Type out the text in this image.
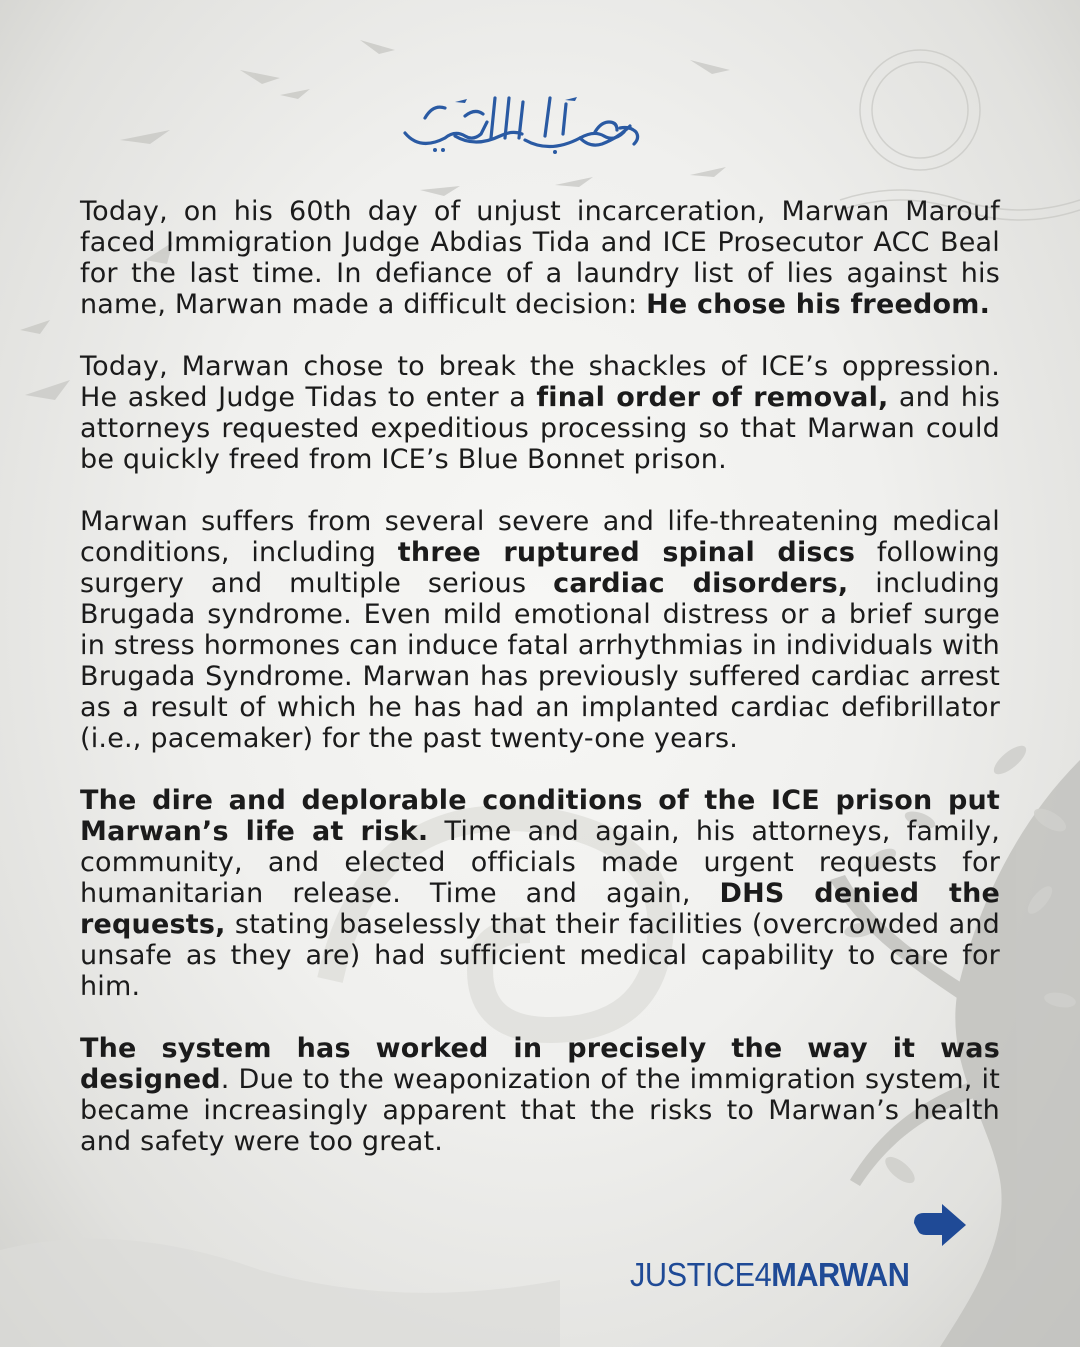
Today, on his 60th day of unjust incarceration, Marwan Marouf faced Immigration Judge Abdias Tida and ICE Prosecutor ACC Beal for the last time. In defiance of a laundry list of lies against his name, Marwan made a difficult decision: He chose his freedom.

Today, Marwan chose to break the shackles of ICE’s oppression. He asked Judge Tidas to enter a final order of removal, and his attorneys requested expeditious processing so that Marwan could be quickly freed from ICE’s Blue Bonnet prison.

Marwan suffers from several severe and life-threatening medical conditions, including three ruptured spinal discs following surgery and multiple serious cardiac disorders, including Brugada syndrome. Even mild emotional distress or a brief surge in stress hormones can induce fatal arrhythmias in individuals with Brugada Syndrome. Marwan has previously suffered cardiac arrest as a result of which he has had an implanted cardiac defibrillator (i.e., pacemaker) for the past twenty-one years.

The dire and deplorable conditions of the ICE prison put Marwan’s life at risk. Time and again, his attorneys, family, community, and elected officials made urgent requests for humanitarian release. Time and again, DHS denied the requests, stating baselessly that their facilities (overcrowded and unsafe as they are) had sufficient medical capability to care for him.

The system has worked in precisely the way it was designed. Due to the weaponization of the immigration system, it became increasingly apparent that the risks to Marwan’s health and safety were too great.

JUSTICE4MARWAN
